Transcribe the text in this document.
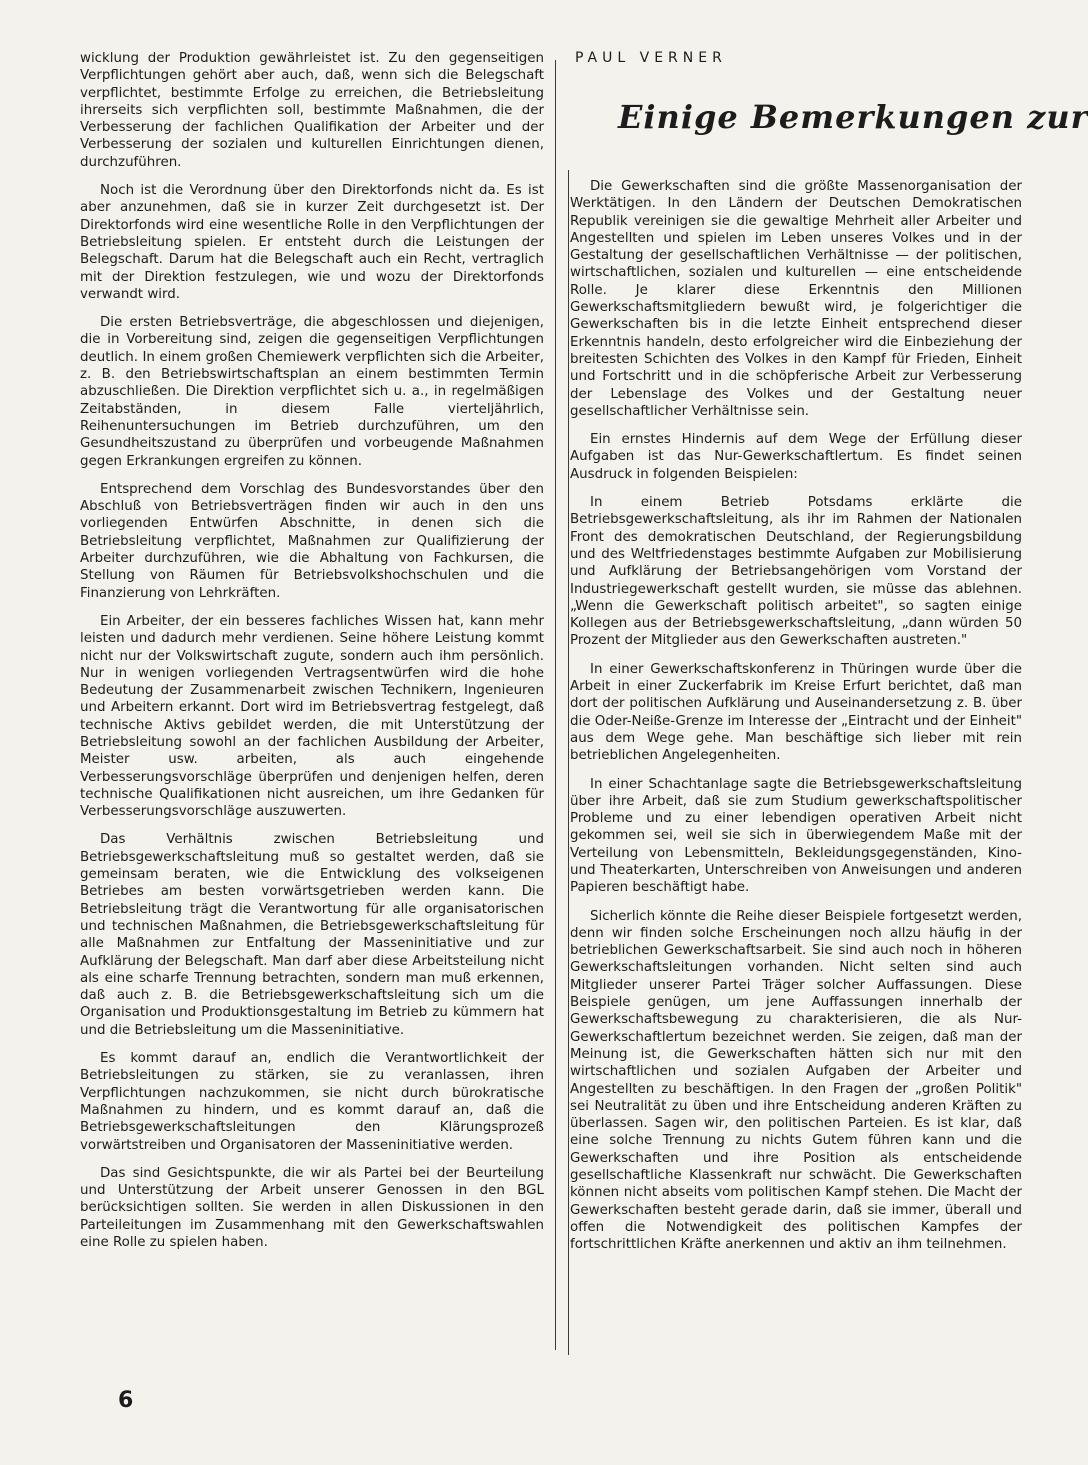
wicklung der Produktion gewährleistet ist. Zu den gegenseitigen Verpflichtungen gehört aber auch, daß, wenn sich die Belegschaft verpflichtet, bestimmte Erfolge zu erreichen, die Betriebsleitung ihrerseits sich verpflichten soll, bestimmte Maßnahmen, die der Verbesserung der fachlichen Qualifikation der Arbeiter und der Verbesserung der sozialen und kulturellen Einrichtungen dienen, durchzuführen.

Noch ist die Verordnung über den Direktorfonds nicht da. Es ist aber anzunehmen, daß sie in kurzer Zeit durchgesetzt ist. Der Direktorfonds wird eine wesentliche Rolle in den Verpflichtungen der Betriebsleitung spielen. Er entsteht durch die Leistungen der Belegschaft. Darum hat die Belegschaft auch ein Recht, vertraglich mit der Direktion festzulegen, wie und wozu der Direktorfonds verwandt wird.

Die ersten Betriebsverträge, die abgeschlossen und diejenigen, die in Vorbereitung sind, zeigen die gegenseitigen Verpflichtungen deutlich. In einem großen Chemiewerk verpflichten sich die Arbeiter, z. B. den Betriebswirtschaftsplan an einem bestimmten Termin abzuschließen. Die Direktion verpflichtet sich u. a., in regelmäßigen Zeitabständen, in diesem Falle vierteljährlich, Reihenuntersuchungen im Betrieb durchzuführen, um den Gesundheitszustand zu überprüfen und vorbeugende Maßnahmen gegen Erkrankungen ergreifen zu können.

Entsprechend dem Vorschlag des Bundesvorstandes über den Abschluß von Betriebsverträgen finden wir auch in den uns vorliegenden Entwürfen Abschnitte, in denen sich die Betriebsleitung verpflichtet, Maßnahmen zur Qualifizierung der Arbeiter durchzuführen, wie die Abhaltung von Fachkursen, die Stellung von Räumen für Betriebsvolkshochschulen und die Finanzierung von Lehrkräften.

Ein Arbeiter, der ein besseres fachliches Wissen hat, kann mehr leisten und dadurch mehr verdienen. Seine höhere Leistung kommt nicht nur der Volkswirtschaft zugute, sondern auch ihm persönlich. Nur in wenigen vorliegenden Vertragsentwürfen wird die hohe Bedeutung der Zusammenarbeit zwischen Technikern, Ingenieuren und Arbeitern erkannt. Dort wird im Betriebsvertrag festgelegt, daß technische Aktivs gebildet werden, die mit Unterstützung der Betriebsleitung sowohl an der fachlichen Ausbildung der Arbeiter, Meister usw. arbeiten, als auch eingehende Verbesserungsvorschläge überprüfen und denjenigen helfen, deren technische Qualifikationen nicht ausreichen, um ihre Gedanken für Verbesserungsvorschläge auszuwerten.

Das Verhältnis zwischen Betriebsleitung und Betriebsgewerkschaftsleitung muß so gestaltet werden, daß sie gemeinsam beraten, wie die Entwicklung des volkseigenen Betriebes am besten vorwärtsgetrieben werden kann. Die Betriebsleitung trägt die Verantwortung für alle organisatorischen und technischen Maßnahmen, die Betriebsgewerkschaftsleitung für alle Maßnahmen zur Entfaltung der Masseninitiative und zur Aufklärung der Belegschaft. Man darf aber diese Arbeitsteilung nicht als eine scharfe Trennung betrachten, sondern man muß erkennen, daß auch z. B. die Betriebsgewerkschaftsleitung sich um die Organisation und Produktionsgestaltung im Betrieb zu kümmern hat und die Betriebsleitung um die Masseninitiative.

Es kommt darauf an, endlich die Verantwortlichkeit der Betriebsleitungen zu stärken, sie zu veranlassen, ihren Verpflichtungen nachzukommen, sie nicht durch bürokratische Maßnahmen zu hindern, und es kommt darauf an, daß die Betriebsgewerkschaftsleitungen den Klärungsprozeß vorwärtstreiben und Organisatoren der Masseninitiative werden.

Das sind Gesichtspunkte, die wir als Partei bei der Beurteilung und Unterstützung der Arbeit unserer Genossen in den BGL berücksichtigen sollten. Sie werden in allen Diskussionen in den Parteileitungen im Zusammenhang mit den Gewerkschaftswahlen eine Rolle zu spielen haben.

PAUL VERNER
Einige Bemerkungen zur

Die Gewerkschaften sind die größte Massenorganisation der Werktätigen. In den Ländern der Deutschen Demokratischen Republik vereinigen sie die gewaltige Mehrheit aller Arbeiter und Angestellten und spielen im Leben unseres Volkes und in der Gestaltung der gesellschaftlichen Verhältnisse — der politischen, wirtschaftlichen, sozialen und kulturellen — eine entscheidende Rolle. Je klarer diese Erkenntnis den Millionen Gewerkschaftsmitgliedern bewußt wird, je folgerichtiger die Gewerkschaften bis in die letzte Einheit entsprechend dieser Erkenntnis handeln, desto erfolgreicher wird die Einbeziehung der breitesten Schichten des Volkes in den Kampf für Frieden, Einheit und Fortschritt und in die schöpferische Arbeit zur Verbesserung der Lebenslage des Volkes und der Gestaltung neuer gesellschaftlicher Verhältnisse sein.

Ein ernstes Hindernis auf dem Wege der Erfüllung dieser Aufgaben ist das Nur-Gewerkschaftlertum. Es findet seinen Ausdruck in folgenden Beispielen:

In einem Betrieb Potsdams erklärte die Betriebsgewerkschaftsleitung, als ihr im Rahmen der Nationalen Front des demokratischen Deutschland, der Regierungsbildung und des Weltfriedenstages bestimmte Aufgaben zur Mobilisierung und Aufklärung der Betriebsangehörigen vom Vorstand der Industriegewerkschaft gestellt wurden, sie müsse das ablehnen. „Wenn die Gewerkschaft politisch arbeitet", so sagten einige Kollegen aus der Betriebsgewerkschaftsleitung, „dann würden 50 Prozent der Mitglieder aus den Gewerkschaften austreten."

In einer Gewerkschaftskonferenz in Thüringen wurde über die Arbeit in einer Zuckerfabrik im Kreise Erfurt berichtet, daß man dort der politischen Aufklärung und Auseinandersetzung z. B. über die Oder-Neiße-Grenze im Interesse der „Eintracht und der Einheit" aus dem Wege gehe. Man beschäftige sich lieber mit rein betrieblichen Angelegenheiten.

In einer Schachtanlage sagte die Betriebsgewerkschaftsleitung über ihre Arbeit, daß sie zum Studium gewerkschaftspolitischer Probleme und zu einer lebendigen operativen Arbeit nicht gekommen sei, weil sie sich in überwiegendem Maße mit der Verteilung von Lebensmitteln, Bekleidungsgegenständen, Kino- und Theaterkarten, Unterschreiben von Anweisungen und anderen Papieren beschäftigt habe.

Sicherlich könnte die Reihe dieser Beispiele fortgesetzt werden, denn wir finden solche Erscheinungen noch allzu häufig in der betrieblichen Gewerkschaftsarbeit. Sie sind auch noch in höheren Gewerkschaftsleitungen vorhanden. Nicht selten sind auch Mitglieder unserer Partei Träger solcher Auffassungen. Diese Beispiele genügen, um jene Auffassungen innerhalb der Gewerkschaftsbewegung zu charakterisieren, die als Nur-Gewerkschaftlertum bezeichnet werden. Sie zeigen, daß man der Meinung ist, die Gewerkschaften hätten sich nur mit den wirtschaftlichen und sozialen Aufgaben der Arbeiter und Angestellten zu beschäftigen. In den Fragen der „großen Politik" sei Neutralität zu üben und ihre Entscheidung anderen Kräften zu überlassen. Sagen wir, den politischen Parteien. Es ist klar, daß eine solche Trennung zu nichts Gutem führen kann und die Gewerkschaften und ihre Position als entscheidende gesellschaftliche Klassenkraft nur schwächt. Die Gewerkschaften können nicht abseits vom politischen Kampf stehen. Die Macht der Gewerkschaften besteht gerade darin, daß sie immer, überall und offen die Notwendigkeit des politischen Kampfes der fortschrittlichen Kräfte anerkennen und aktiv an ihm teilnehmen.

6
